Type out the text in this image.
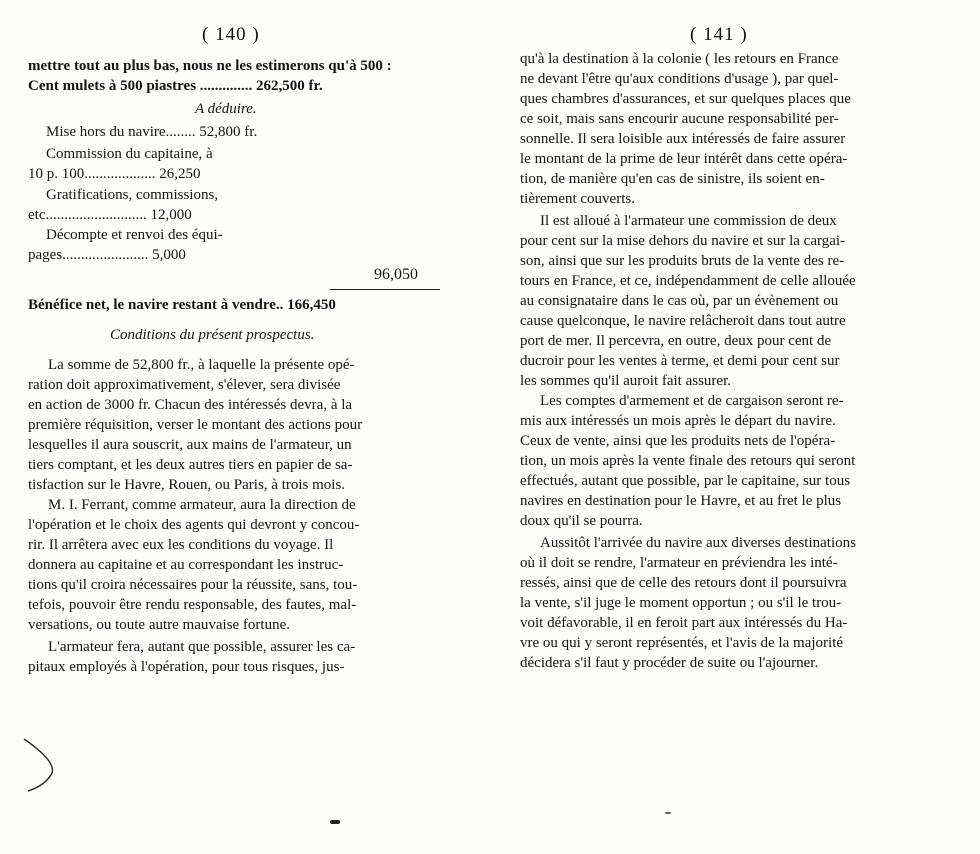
( 140 )
mettre tout au plus bas, nous ne les estimerons qu'à 500 :
Cent mulets à 500 piastres .............. 262,500 fr.
A déduire.
Mise hors du navire........ 52,800 fr.
Commission du capitaine, à
10 p. 100................... 26,250
Gratifications, commissions,
etc........................... 12,000
Décompte et renvoi des équi-
pages....................... 5,000
96,050
Bénéfice net, le navire restant à vendre.. 166,450
Conditions du présent prospectus.
La somme de 52,800 fr., à laquelle la présente opé-
ration doit approximativement, s'élever, sera divisée
en action de 3000 fr. Chacun des intéressés devra, à la
première réquisition, verser le montant des actions pour
lesquelles il aura souscrit, aux mains de l'armateur, un
tiers comptant, et les deux autres tiers en papier de sa-
tisfaction sur le Havre, Rouen, ou Paris, à trois mois.
M. I. Ferrant, comme armateur, aura la direction de
l'opération et le choix des agents qui devront y concou-
rir. Il arrêtera avec eux les conditions du voyage. Il
donnera au capitaine et au correspondant les instruc-
tions qu'il croira nécessaires pour la réussite, sans, tou-
tefois, pouvoir être rendu responsable, des fautes, mal-
versations, ou toute autre mauvaise fortune.
L'armateur fera, autant que possible, assurer les ca-
pitaux employés à l'opération, pour tous risques, jus-
( 141 )
qu'à la destination à la colonie ( les retours en France
ne devant l'être qu'aux conditions d'usage ), par quel-
ques chambres d'assurances, et sur quelques places que
ce soit, mais sans encourir aucune responsabilité per-
sonnelle. Il sera loisible aux intéressés de faire assurer
le montant de la prime de leur intérêt dans cette opéra-
tion, de manière qu'en cas de sinistre, ils soient en-
tièrement couverts.
Il est alloué à l'armateur une commission de deux
pour cent sur la mise dehors du navire et sur la cargai-
son, ainsi que sur les produits bruts de la vente des re-
tours en France, et ce, indépendamment de celle allouée
au consignataire dans le cas où, par un évènement ou
cause quelconque, le navire relâcheroit dans tout autre
port de mer. Il percevra, en outre, deux pour cent de
ducroir pour les ventes à terme, et demi pour cent sur
les sommes qu'il auroit fait assurer.
Les comptes d'armement et de cargaison seront re-
mis aux intéressés un mois après le départ du navire.
Ceux de vente, ainsi que les produits nets de l'opéra-
tion, un mois après la vente finale des retours qui seront
effectués, autant que possible, par le capitaine, sur tous
navires en destination pour le Havre, et au fret le plus
doux qu'il se pourra.
Aussitôt l'arrivée du navire aux diverses destinations
où il doit se rendre, l'armateur en préviendra les inté-
ressés, ainsi que de celle des retours dont il poursuivra
la vente, s'il juge le moment opportun ; ou s'il le trou-
voit défavorable, il en feroit part aux intéressés du Ha-
vre ou qui y seront représentés, et l'avis de la majorité
décidera s'il faut y procéder de suite ou l'ajourner.
